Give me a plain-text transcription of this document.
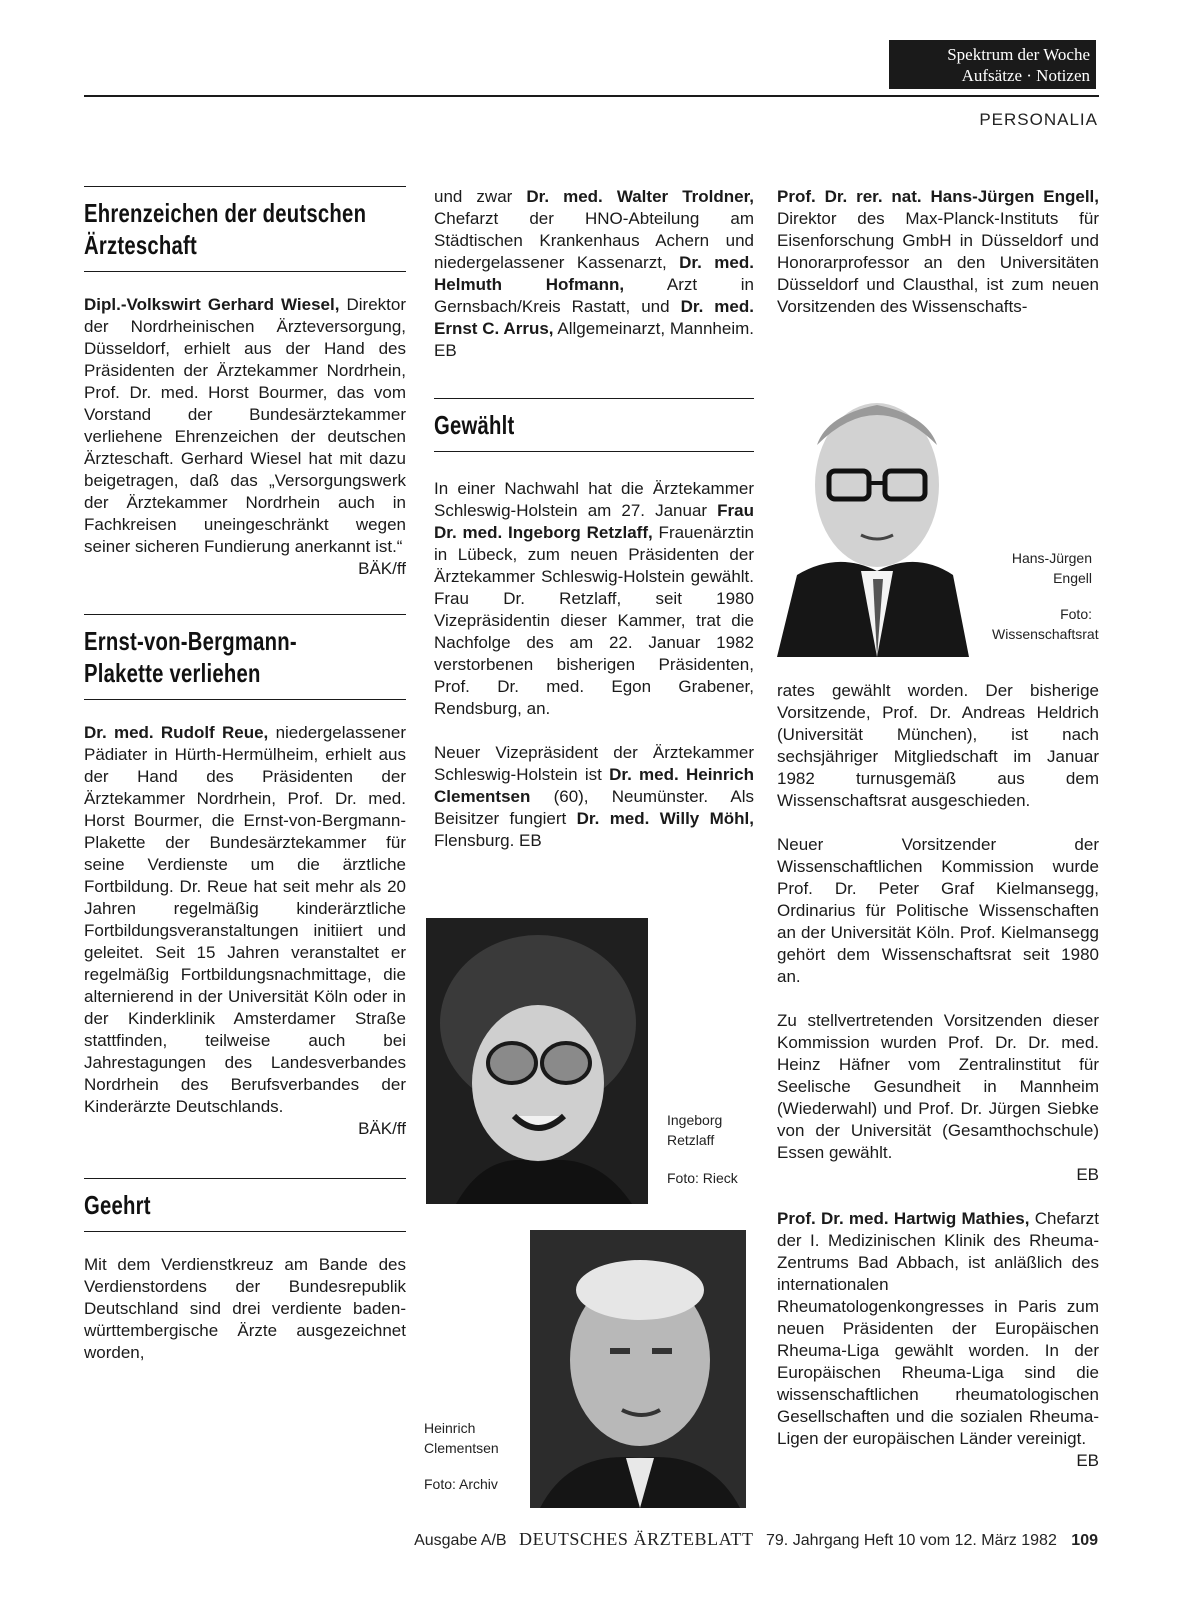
Spektrum der Woche
Aufsätze · Notizen
PERSONALIA
Ehrenzeichen der deutschen Ärzteschaft
Dipl.-Volkswirt Gerhard Wiesel, Direktor der Nordrheinischen Ärzteversorgung, Düsseldorf, erhielt aus der Hand des Präsidenten der Ärztekammer Nordrhein, Prof. Dr. med. Horst Bourmer, das vom Vorstand der Bundesärztekammer verliehene Ehrenzeichen der deutschen Ärzteschaft. Gerhard Wiesel hat mit dazu beigetragen, daß das „Versorgungswerk der Ärztekammer Nordrhein auch in Fachkreisen uneingeschränkt wegen seiner sicheren Fundierung anerkannt ist.“
BÄK/ff
Ernst-von-Bergmann-Plakette verliehen
Dr. med. Rudolf Reue, niedergelassener Pädiater in Hürth-Hermülheim, erhielt aus der Hand des Präsidenten der Ärztekammer Nordrhein, Prof. Dr. med. Horst Bourmer, die Ernst-von-Bergmann-Plakette der Bundesärztekammer für seine Verdienste um die ärztliche Fortbildung. Dr. Reue hat seit mehr als 20 Jahren regelmäßig kinderärztliche Fortbildungsveranstaltungen initiiert und geleitet. Seit 15 Jahren veranstaltet er regelmäßig Fortbildungsnachmittage, die alternierend in der Universität Köln oder in der Kinderklinik Amsterdamer Straße stattfinden, teilweise auch bei Jahrestagungen des Landesverbandes Nordrhein des Berufsverbandes der Kinderärzte Deutschlands.
BÄK/ff
Geehrt
Mit dem Verdienstkreuz am Bande des Verdienstordens der Bundesrepublik Deutschland sind drei verdiente baden-württembergische Ärzte ausgezeichnet worden,
und zwar Dr. med. Walter Troldner, Chefarzt der HNO-Abteilung am Städtischen Krankenhaus Achern und niedergelassener Kassenarzt, Dr. med. Helmuth Hofmann, Arzt in Gernsbach/Kreis Rastatt, und Dr. med. Ernst C. Arrus, Allgemeinarzt, Mannheim. EB
Gewählt
In einer Nachwahl hat die Ärztekammer Schleswig-Holstein am 27. Januar Frau Dr. med. Ingeborg Retzlaff, Frauenärztin in Lübeck, zum neuen Präsidenten der Ärztekammer Schleswig-Holstein gewählt. Frau Dr. Retzlaff, seit 1980 Vizepräsidentin dieser Kammer, trat die Nachfolge des am 22. Januar 1982 verstorbenen bisherigen Präsidenten, Prof. Dr. med. Egon Grabener, Rendsburg, an.
Neuer Vizepräsident der Ärztekammer Schleswig-Holstein ist Dr. med. Heinrich Clementsen (60), Neumünster. Als Beisitzer fungiert Dr. med. Willy Möhl, Flensburg. EB
Ingeborg Retzlaff
Foto: Rieck
Heinrich Clementsen
Foto: Archiv
Prof. Dr. rer. nat. Hans-Jürgen Engell, Direktor des Max-Planck-Instituts für Eisenforschung GmbH in Düsseldorf und Honorarprofessor an den Universitäten Düsseldorf und Clausthal, ist zum neuen Vorsitzenden des Wissenschafts-
Hans-Jürgen Engell
Foto: Wissenschaftsrat
rates gewählt worden. Der bisherige Vorsitzende, Prof. Dr. Andreas Heldrich (Universität München), ist nach sechsjähriger Mitgliedschaft im Januar 1982 turnusgemäß aus dem Wissenschaftsrat ausgeschieden.
Neuer Vorsitzender der Wissenschaftlichen Kommission wurde Prof. Dr. Peter Graf Kielmansegg, Ordinarius für Politische Wissenschaften an der Universität Köln. Prof. Kielmansegg gehört dem Wissenschaftsrat seit 1980 an.
Zu stellvertretenden Vorsitzenden dieser Kommission wurden Prof. Dr. Dr. med. Heinz Häfner vom Zentralinstitut für Seelische Gesundheit in Mannheim (Wiederwahl) und Prof. Dr. Jürgen Siebke von der Universität (Gesamthochschule) Essen gewählt.
EB
Prof. Dr. med. Hartwig Mathies, Chefarzt der I. Medizinischen Klinik des Rheuma-Zentrums Bad Abbach, ist anläßlich des internationalen Rheumatologenkongresses in Paris zum neuen Präsidenten der Europäischen Rheuma-Liga gewählt worden. In der Europäischen Rheuma-Liga sind die wissenschaftlichen rheumatologischen Gesellschaften und die sozialen Rheuma-Ligen der europäischen Länder vereinigt.
EB
Ausgabe A/B DEUTSCHES ÄRZTEBLATT 79. Jahrgang Heft 10 vom 12. März 1982 109
